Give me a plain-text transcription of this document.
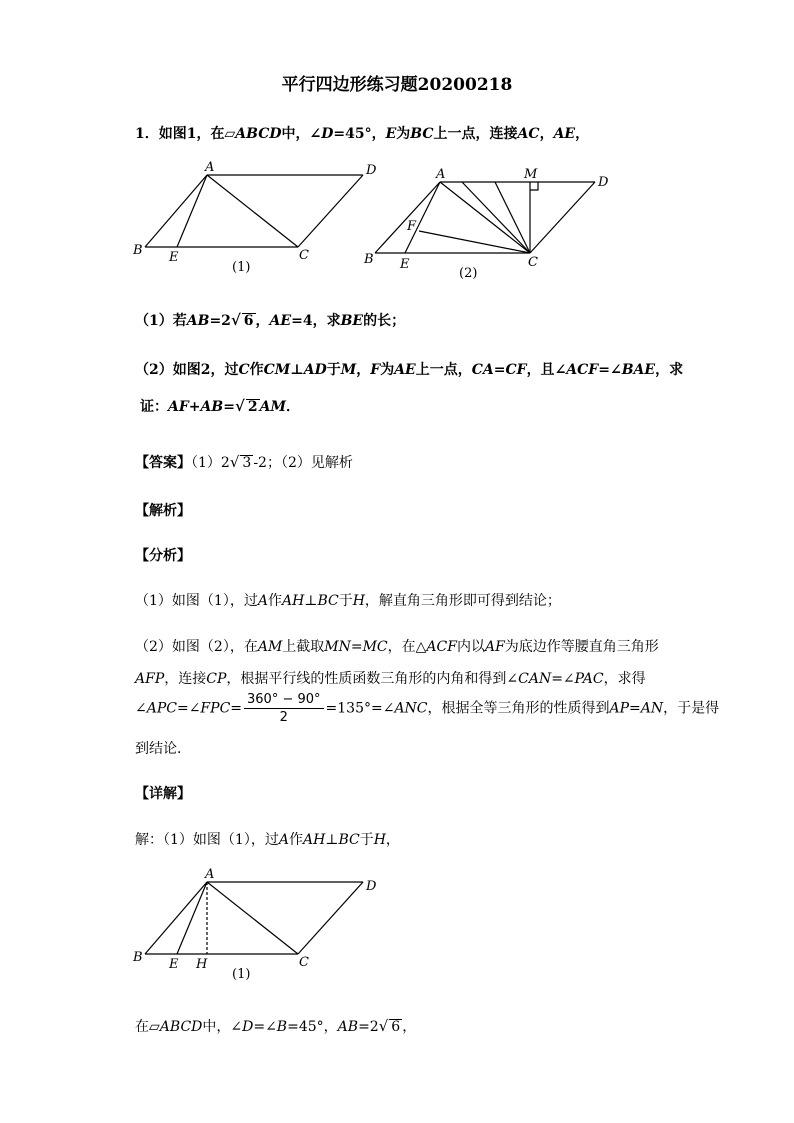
平行四边形练习题20200218
1．如图1，在▱ABCD中，∠D=45°，E为BC上一点，连接AC，AE，
A	D
B E	C
(1)
A	M
D
F
B E	C
(2)
（1）若AB=2√ 6 ，AE=4，求BE的长；
（2）如图2，过C作CM⊥AD于M，F为AE上一点，CA=CF，且∠ACF=∠BAE，求
证：AF+AB=√ 2 AM．
【答案】（1）2√ 3 -2；（2）见解析
【解析】
【分析】
（1）如图（1），过A作AH⊥BC于H，解直角三角形即可得到结论；
（2）如图（2），在AM上截取MN=MC，在△ACF内以AF为底边作等腰直角三角形
AFP，连接CP，根据平行线的性质函数三角形的内角和得到∠CAN=∠PAC，求得
∠APC=∠FPC= $\frac{360^\circ - 90^\circ}{2}$ =135°=∠ANC，根据全等三角形的性质得到AP=AN，于是得
到结论．
【详解】
解：（1）如图（1），过A作AH⊥BC于H，
A
D
B E H	C
(1)
在▱ABCD中，∠D=∠B=45°，AB=2√ 6 ，
